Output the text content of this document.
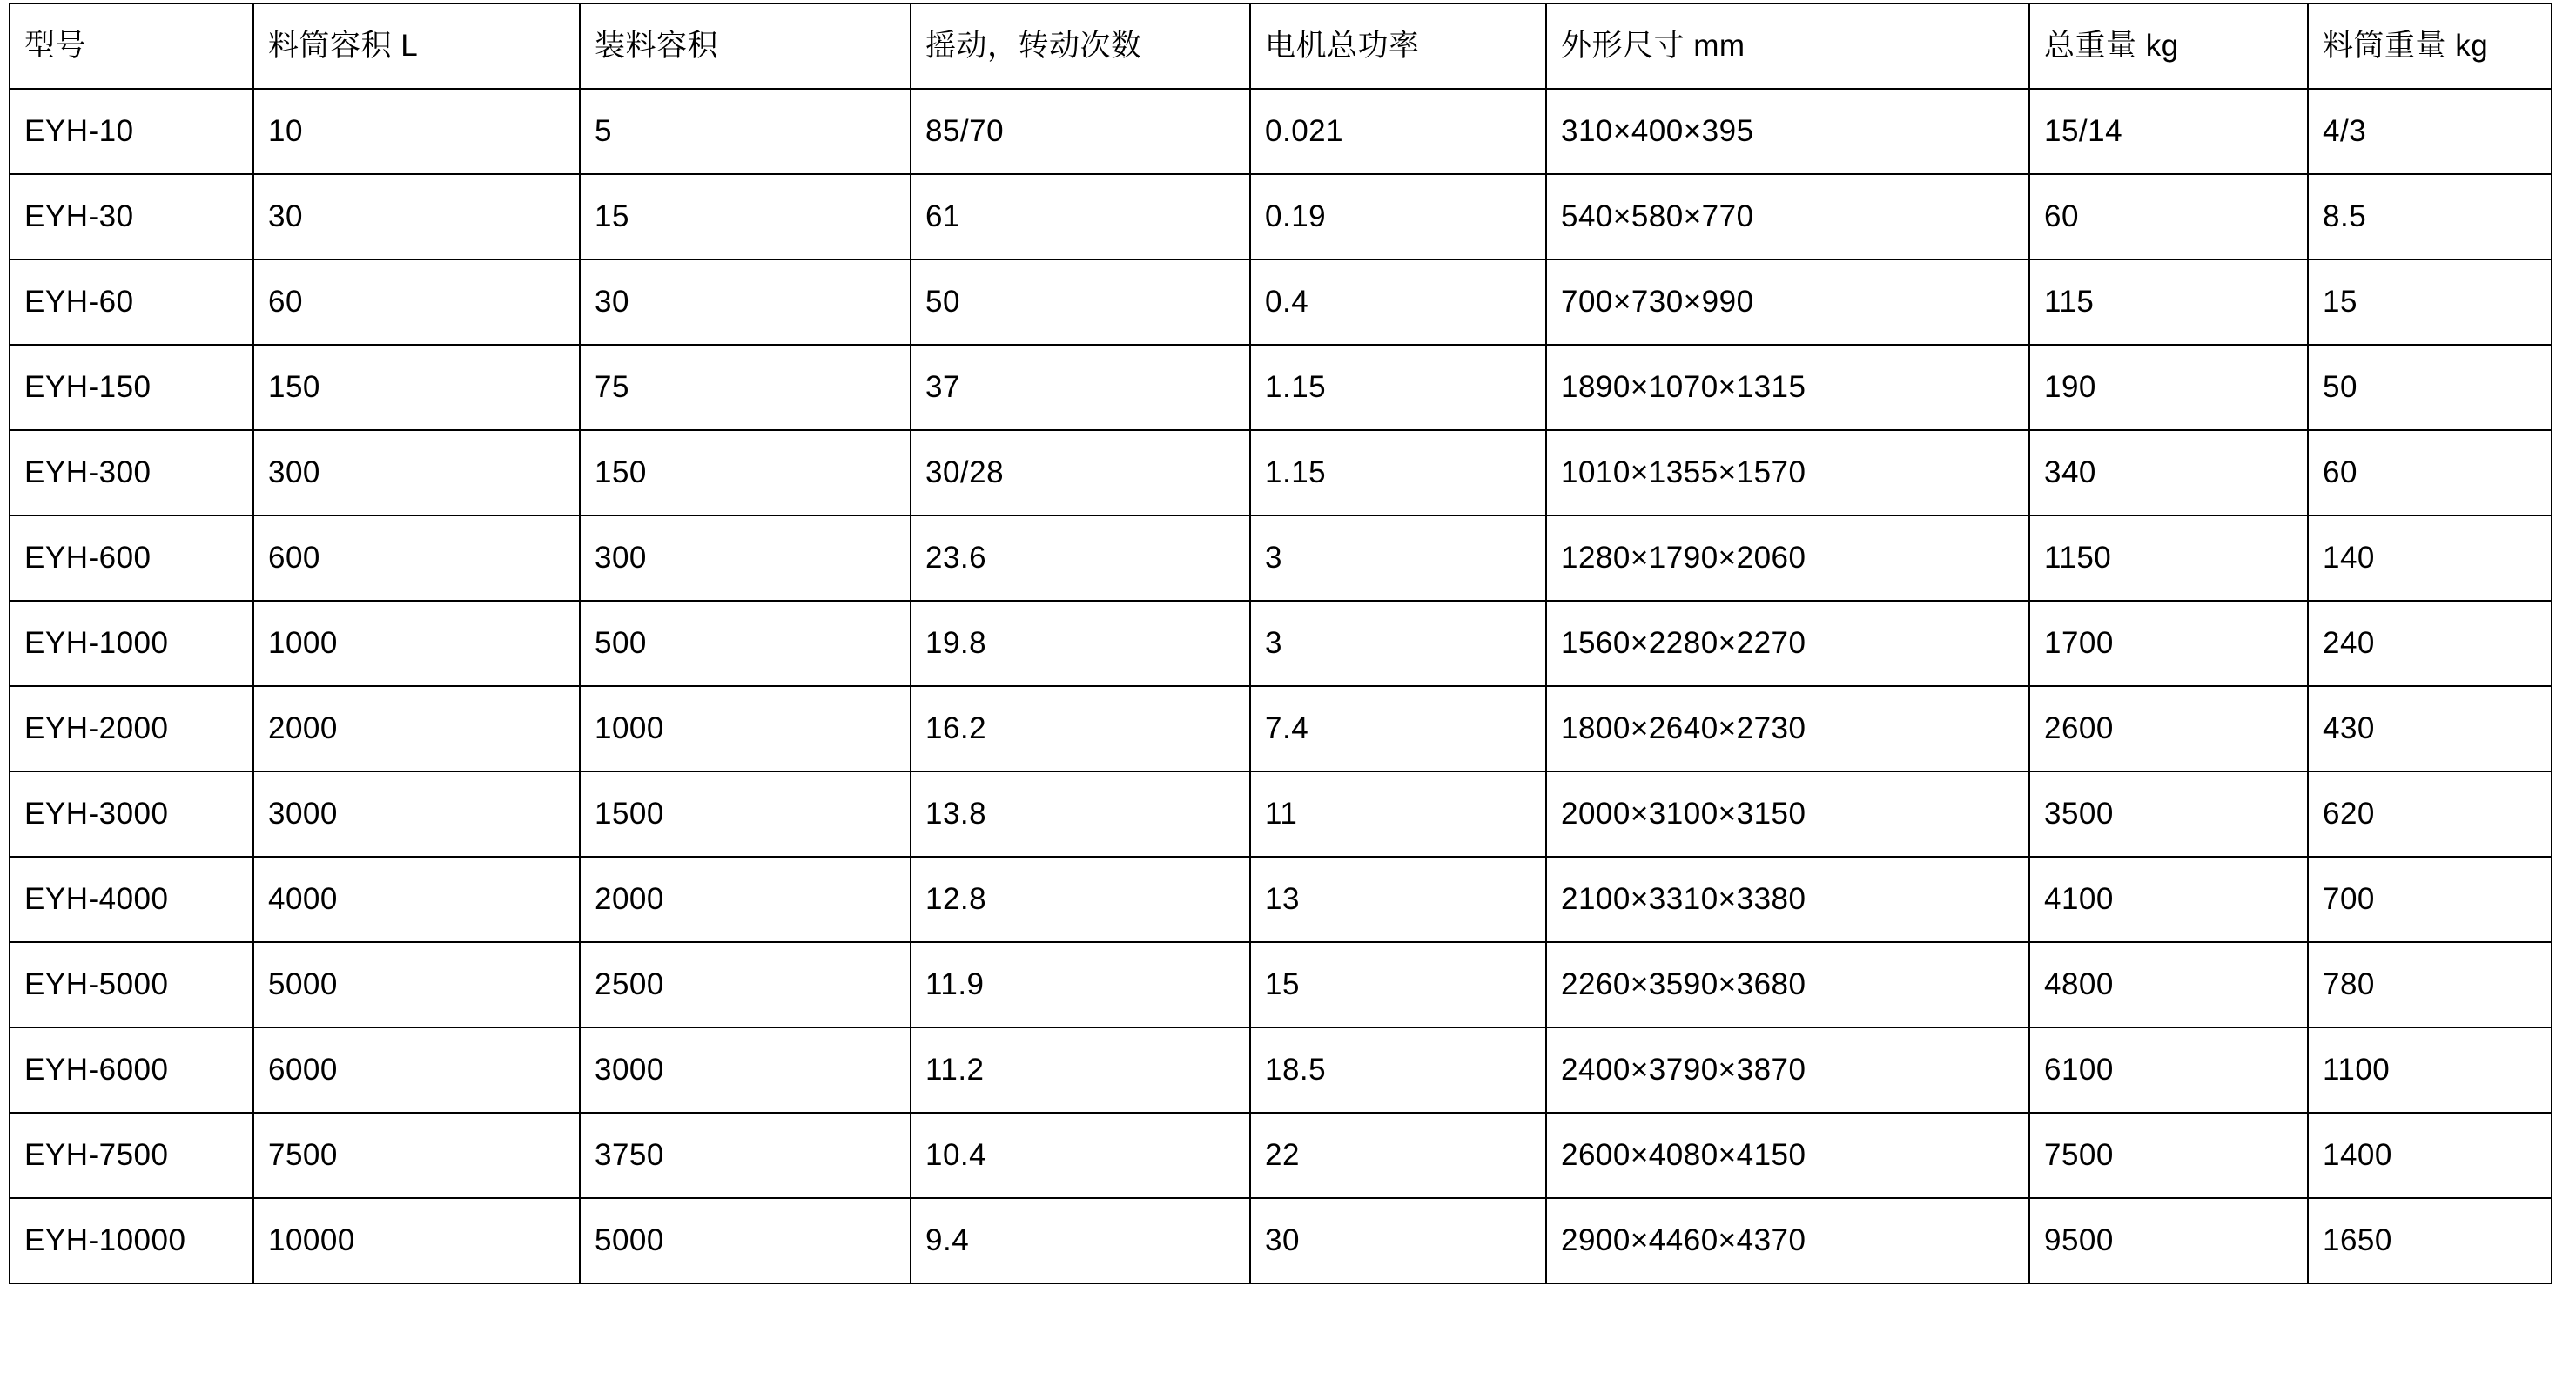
型号	料筒容积 L	装料容积	摇动，转动次数	电机总功率	外形尺寸 mm	总重量 kg	料筒重量 kg
EYH-10	10	5	85/70	0.021	310×400×395	15/14	4/3
EYH-30	30	15	61	0.19	540×580×770	60	8.5
EYH-60	60	30	50	0.4	700×730×990	115	15
EYH-150	150	75	37	1.15	1890×1070×1315	190	50
EYH-300	300	150	30/28	1.15	1010×1355×1570	340	60
EYH-600	600	300	23.6	3	1280×1790×2060	1150	140
EYH-1000	1000	500	19.8	3	1560×2280×2270	1700	240
EYH-2000	2000	1000	16.2	7.4	1800×2640×2730	2600	430
EYH-3000	3000	1500	13.8	11	2000×3100×3150	3500	620
EYH-4000	4000	2000	12.8	13	2100×3310×3380	4100	700
EYH-5000	5000	2500	11.9	15	2260×3590×3680	4800	780
EYH-6000	6000	3000	11.2	18.5	2400×3790×3870	6100	1100
EYH-7500	7500	3750	10.4	22	2600×4080×4150	7500	1400
EYH-10000	10000	5000	9.4	30	2900×4460×4370	9500	1650
